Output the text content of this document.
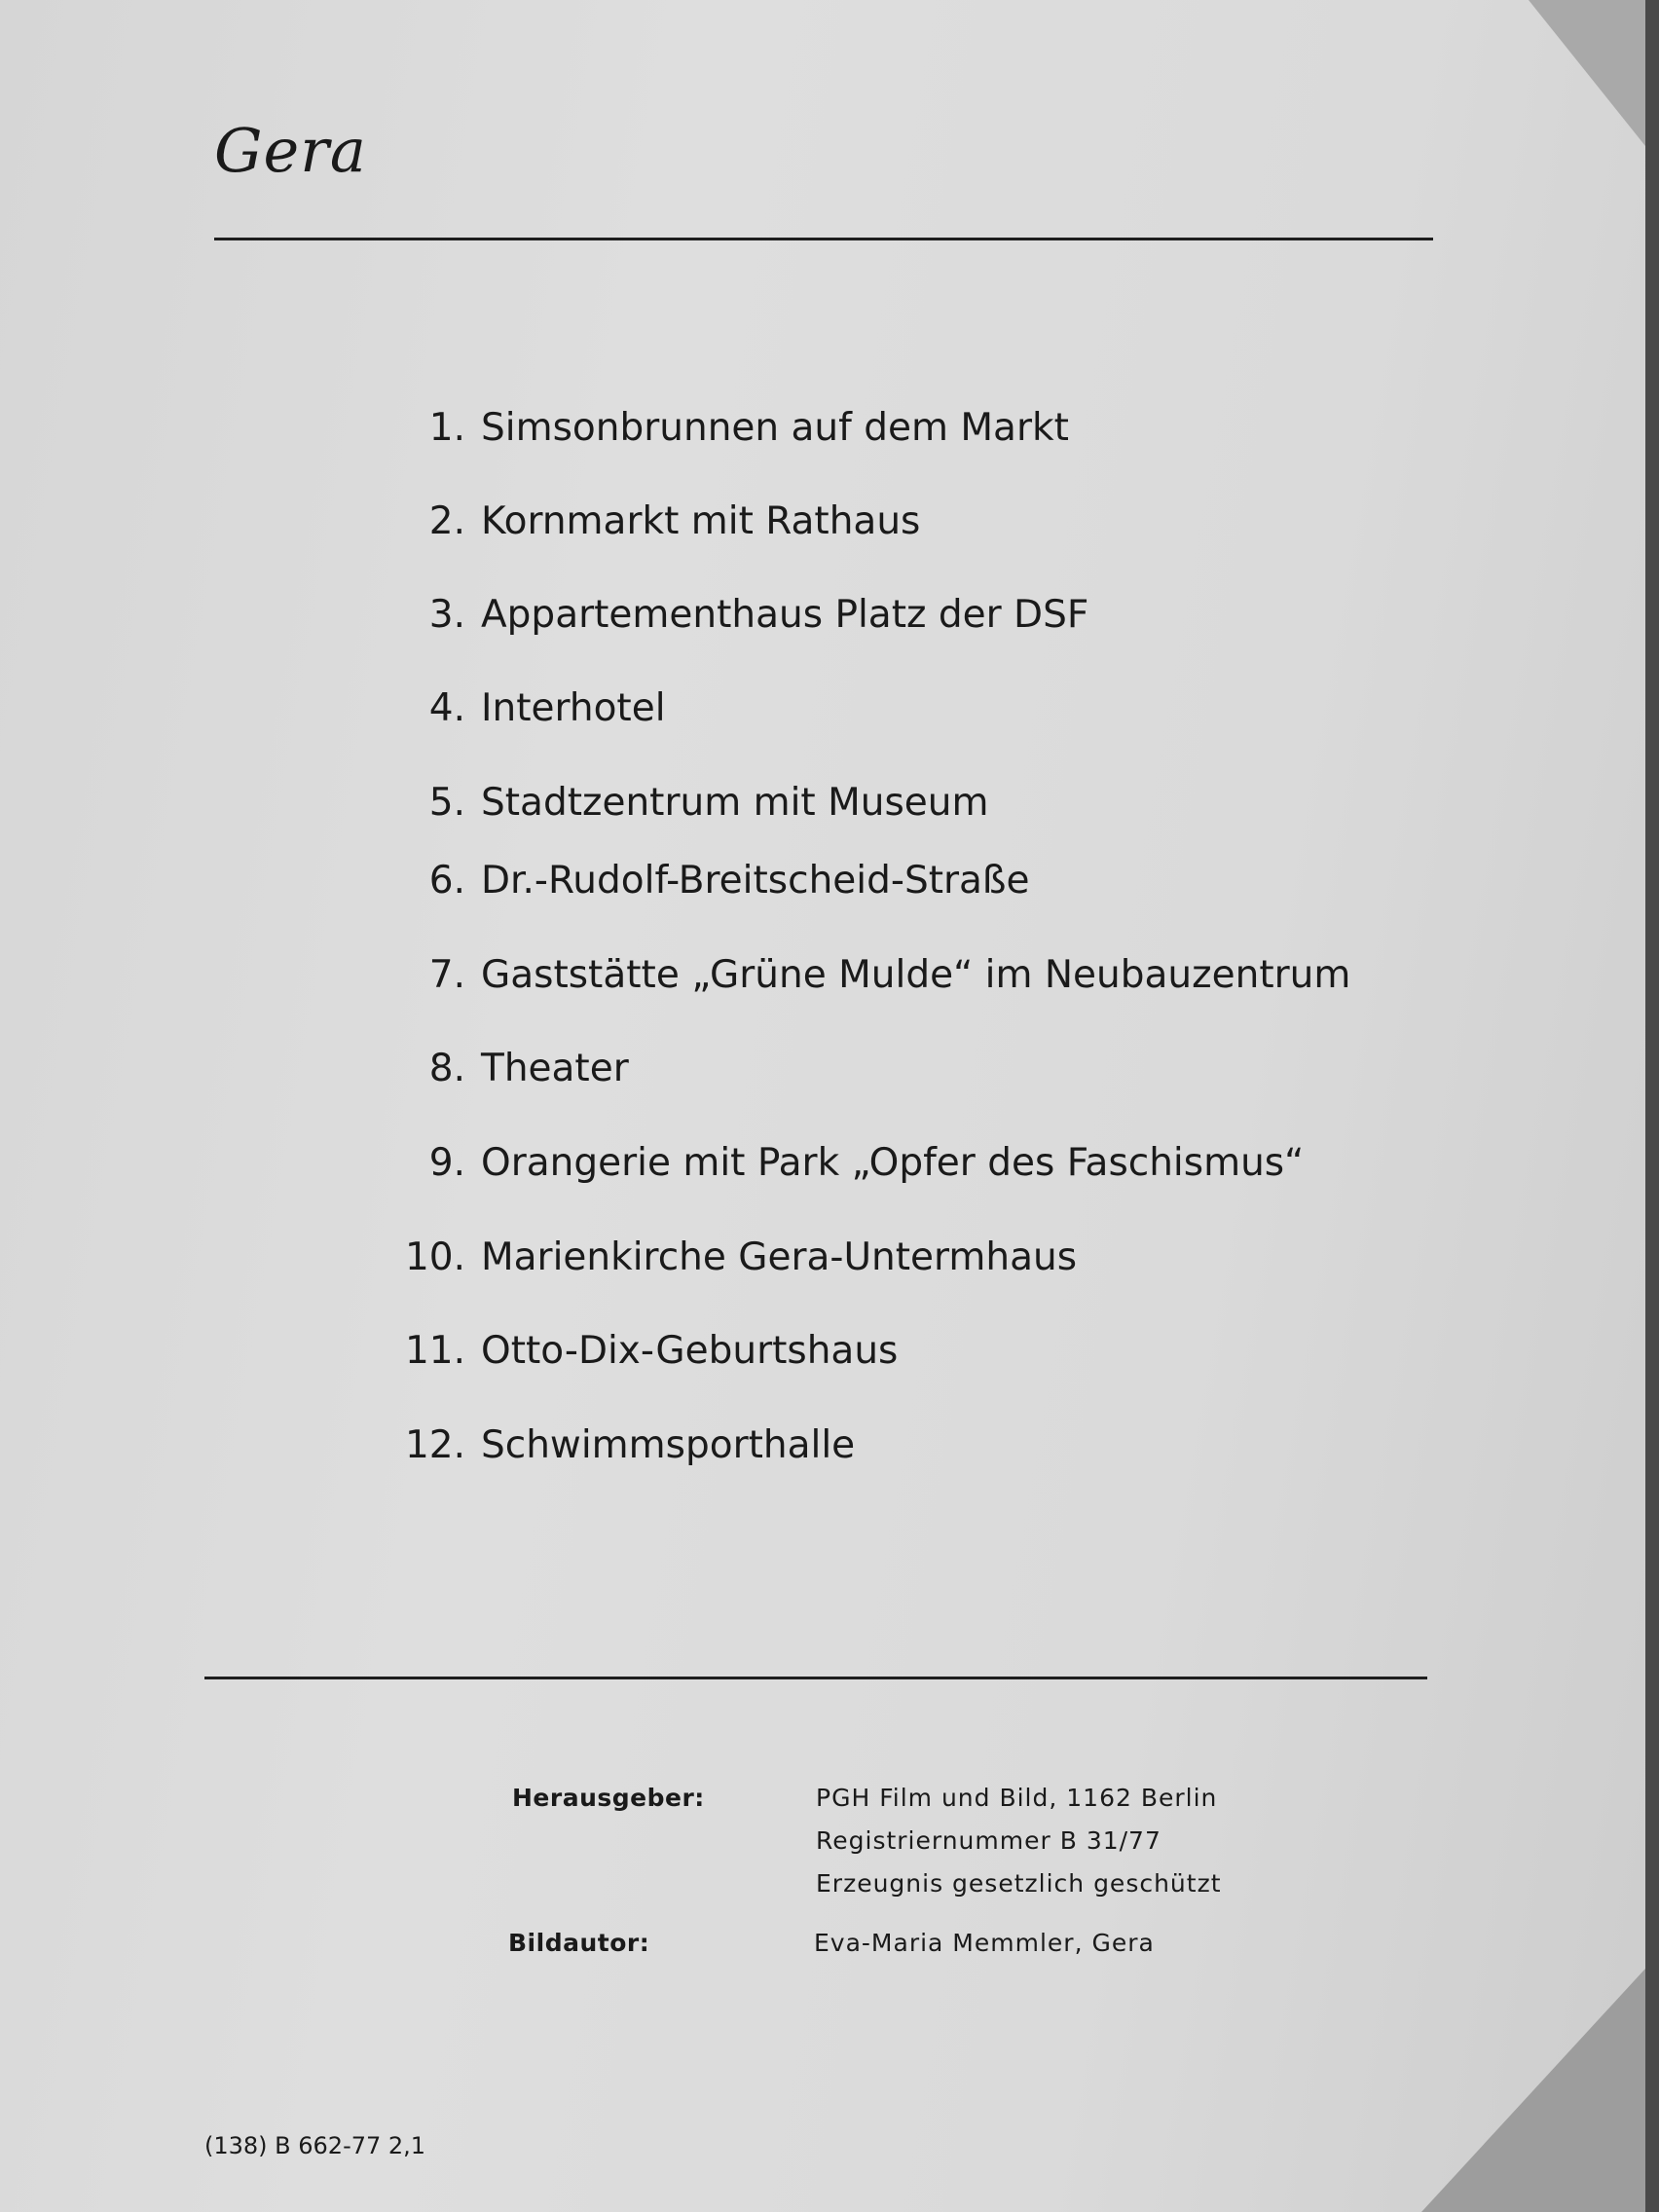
Gera
1. Simsonbrunnen auf dem Markt
2. Kornmarkt mit Rathaus
3. Appartementhaus Platz der DSF
4. Interhotel
5. Stadtzentrum mit Museum
6. Dr.-Rudolf-Breitscheid-Straße
7. Gaststätte „Grüne Mulde“ im Neubauzentrum
8. Theater
9. Orangerie mit Park „Opfer des Faschismus“
10. Marienkirche Gera-Untermhaus
11. Otto-Dix-Geburtshaus
12. Schwimmsporthalle
Herausgeber:	PGH Film und Bild, 1162 Berlin
Registriernummer B 31/77
Erzeugnis gesetzlich geschützt
Bildautor:	Eva-Maria Memmler, Gera
(138) B 662-77 2,1
